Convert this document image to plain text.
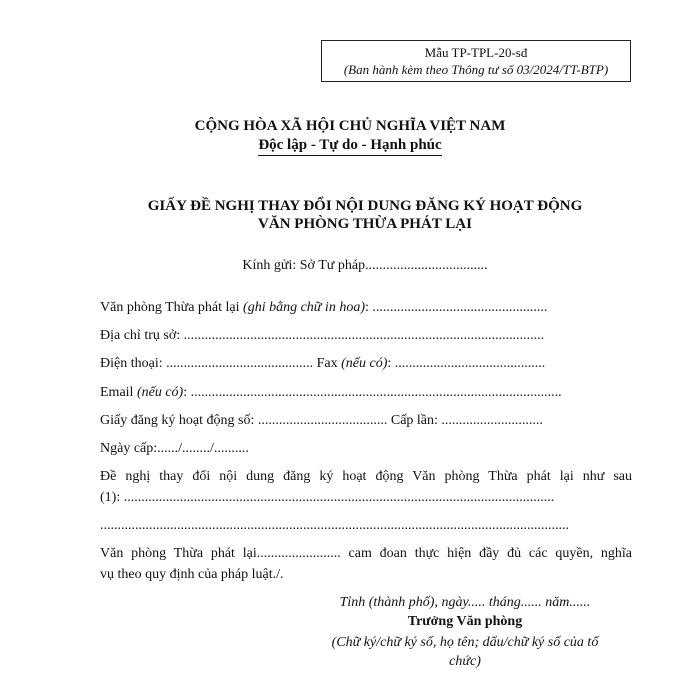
Mẫu TP-TPL-20-sđ
(Ban hành kèm theo Thông tư số 03/2024/TT-BTP)
CỘNG HÒA XÃ HỘI CHỦ NGHĨA VIỆT NAM
Độc lập - Tự do - Hạnh phúc
GIẤY ĐỀ NGHỊ THAY ĐỔI NỘI DUNG ĐĂNG KÝ HOẠT ĐỘNG
VĂN PHÒNG THỪA PHÁT LẠI
Kính gửi: Sở Tư pháp...................................
Văn phòng Thừa phát lại (ghi bằng chữ in hoa): ..................................................
Địa chỉ trụ sở: .......................................................................................................
Điện thoại: .......................................... Fax (nếu có): ...........................................
Email (nếu có): ..........................................................................................................
Giấy đăng ký hoạt động số: ..................................... Cấp lần: .............................
Ngày cấp:....../......../..........
Đề nghị thay đổi nội dung đăng ký hoạt động Văn phòng Thừa phát lại như sau
(1): ...........................................................................................................................
......................................................................................................................................
Văn phòng Thừa phát lại........................ cam đoan thực hiện đầy đủ các quyền, nghĩa
vụ theo quy định của pháp luật./.
Tỉnh (thành phố), ngày..... tháng...... năm......
Trưởng Văn phòng
(Chữ ký/chữ ký số, họ tên; dấu/chữ ký số của tổ
chức)
